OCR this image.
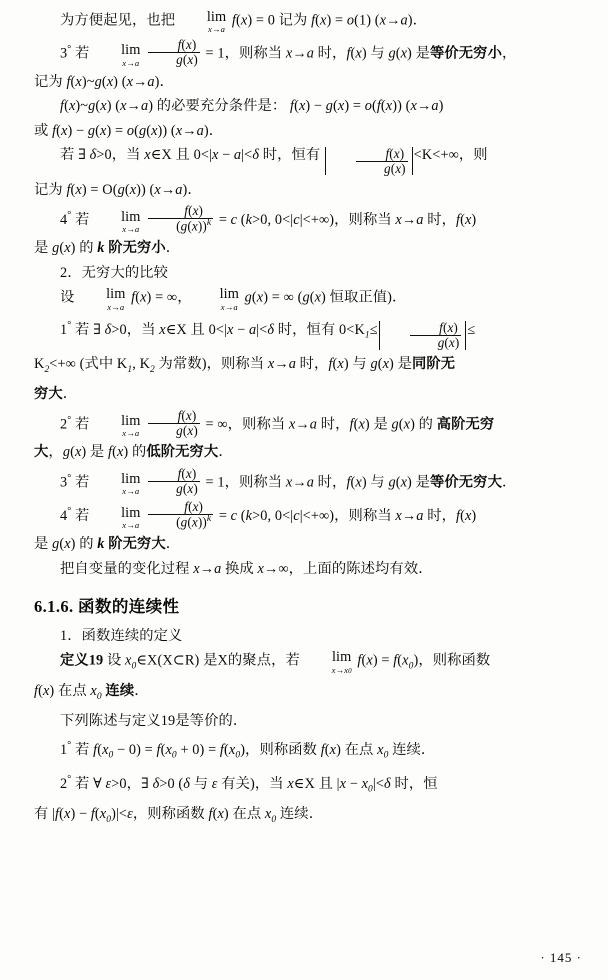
为方便起见，也把	lim
x→a
f(x) = 0 记为 f(x) = o(1) (x→a)．
3° 若	lim
x→a
$\frac{f(x)}{g(x)} = 1$，则称当 x→a 时，f(x) 与 g(x) 是等价无穷小，
记为 f(x)~g(x) (x→a)．
f(x)~g(x) (x→a) 的必要充分条件是： f(x) − g(x) = o(f(x)) (x→a)
或 f(x) − g(x) = o(g(x)) (x→a)．
若 ∃ δ>0，当 x∈X 且 0<|x − a|<δ 时，恒有 $\frac{f(x)}{g(x)} <K<+\infty$，则
记为 f(x) = O(g(x)) (x→a)．
4° 若	lim
x→a
$\frac{f(x)}{(g(x))^k} = c$ (k>0, 0<|c|<+∞)，则称当 x→a 时，f(x)
是 g(x) 的 k 阶无穷小．
2．无穷大的比较
设	lim
x→a
f(x) = ∞，	lim
x→a
g(x) = ∞ (g(x) 恒取正值)．
1° 若 ∃ δ>0，当 x∈X 且 0<|x − a|<δ 时，恒有 $0<K_1\le \frac{f(x)}{g(x)}$ ≤
$K_2<+\infty$ (式中 $K_1$, $K_2$ 为常数)，则称当 x→a 时，f(x) 与 g(x) 是同阶无
穷大．
2° 若	lim
x→a
$\frac{f(x)}{g(x)}$ = ∞，则称当 x→a 时，f(x) 是 g(x) 的 高阶无穷
大，g(x) 是 f(x) 的低阶无穷大．
3° 若	lim
x→a
$\frac{f(x)}{g(x)} = 1$，则称当 x→a 时，f(x) 与 g(x) 是等价无穷大．
4° 若	lim
x→a
$\frac{f(x)}{(g(x))^k} = c$ (k>0, 0<|c|<+∞)，则称当 x→a 时，f(x)
是 g(x) 的 k 阶无穷大．
把自变量的变化过程 x→a 换成 x→∞，上面的陈述均有效．
6.1.6. 函数的连续性
1．函数连续的定义
定义19 设 $x_0\in X(X\subset R)$ 是X的聚点，若	lim
x→x0
$f(x) = f(x_0)$，则称函数
f(x) 在点 $x_0$ 连续．
下列陈述与定义19是等价的．
1° 若 $f(x_0 - 0) = f(x_0 + 0) = f(x_0)$，则称函数 f(x) 在点 $x_0$ 连续．
2° 若 ∀ ε>0，∃ δ>0 (δ 与 ε 有关)，当 x∈X 且 $|x - x_0|<\delta$ 时，恒
有 $|f(x) - f(x_0)|<\varepsilon$，则称函数 f(x) 在点 $x_0$ 连续．
· 145 ·
